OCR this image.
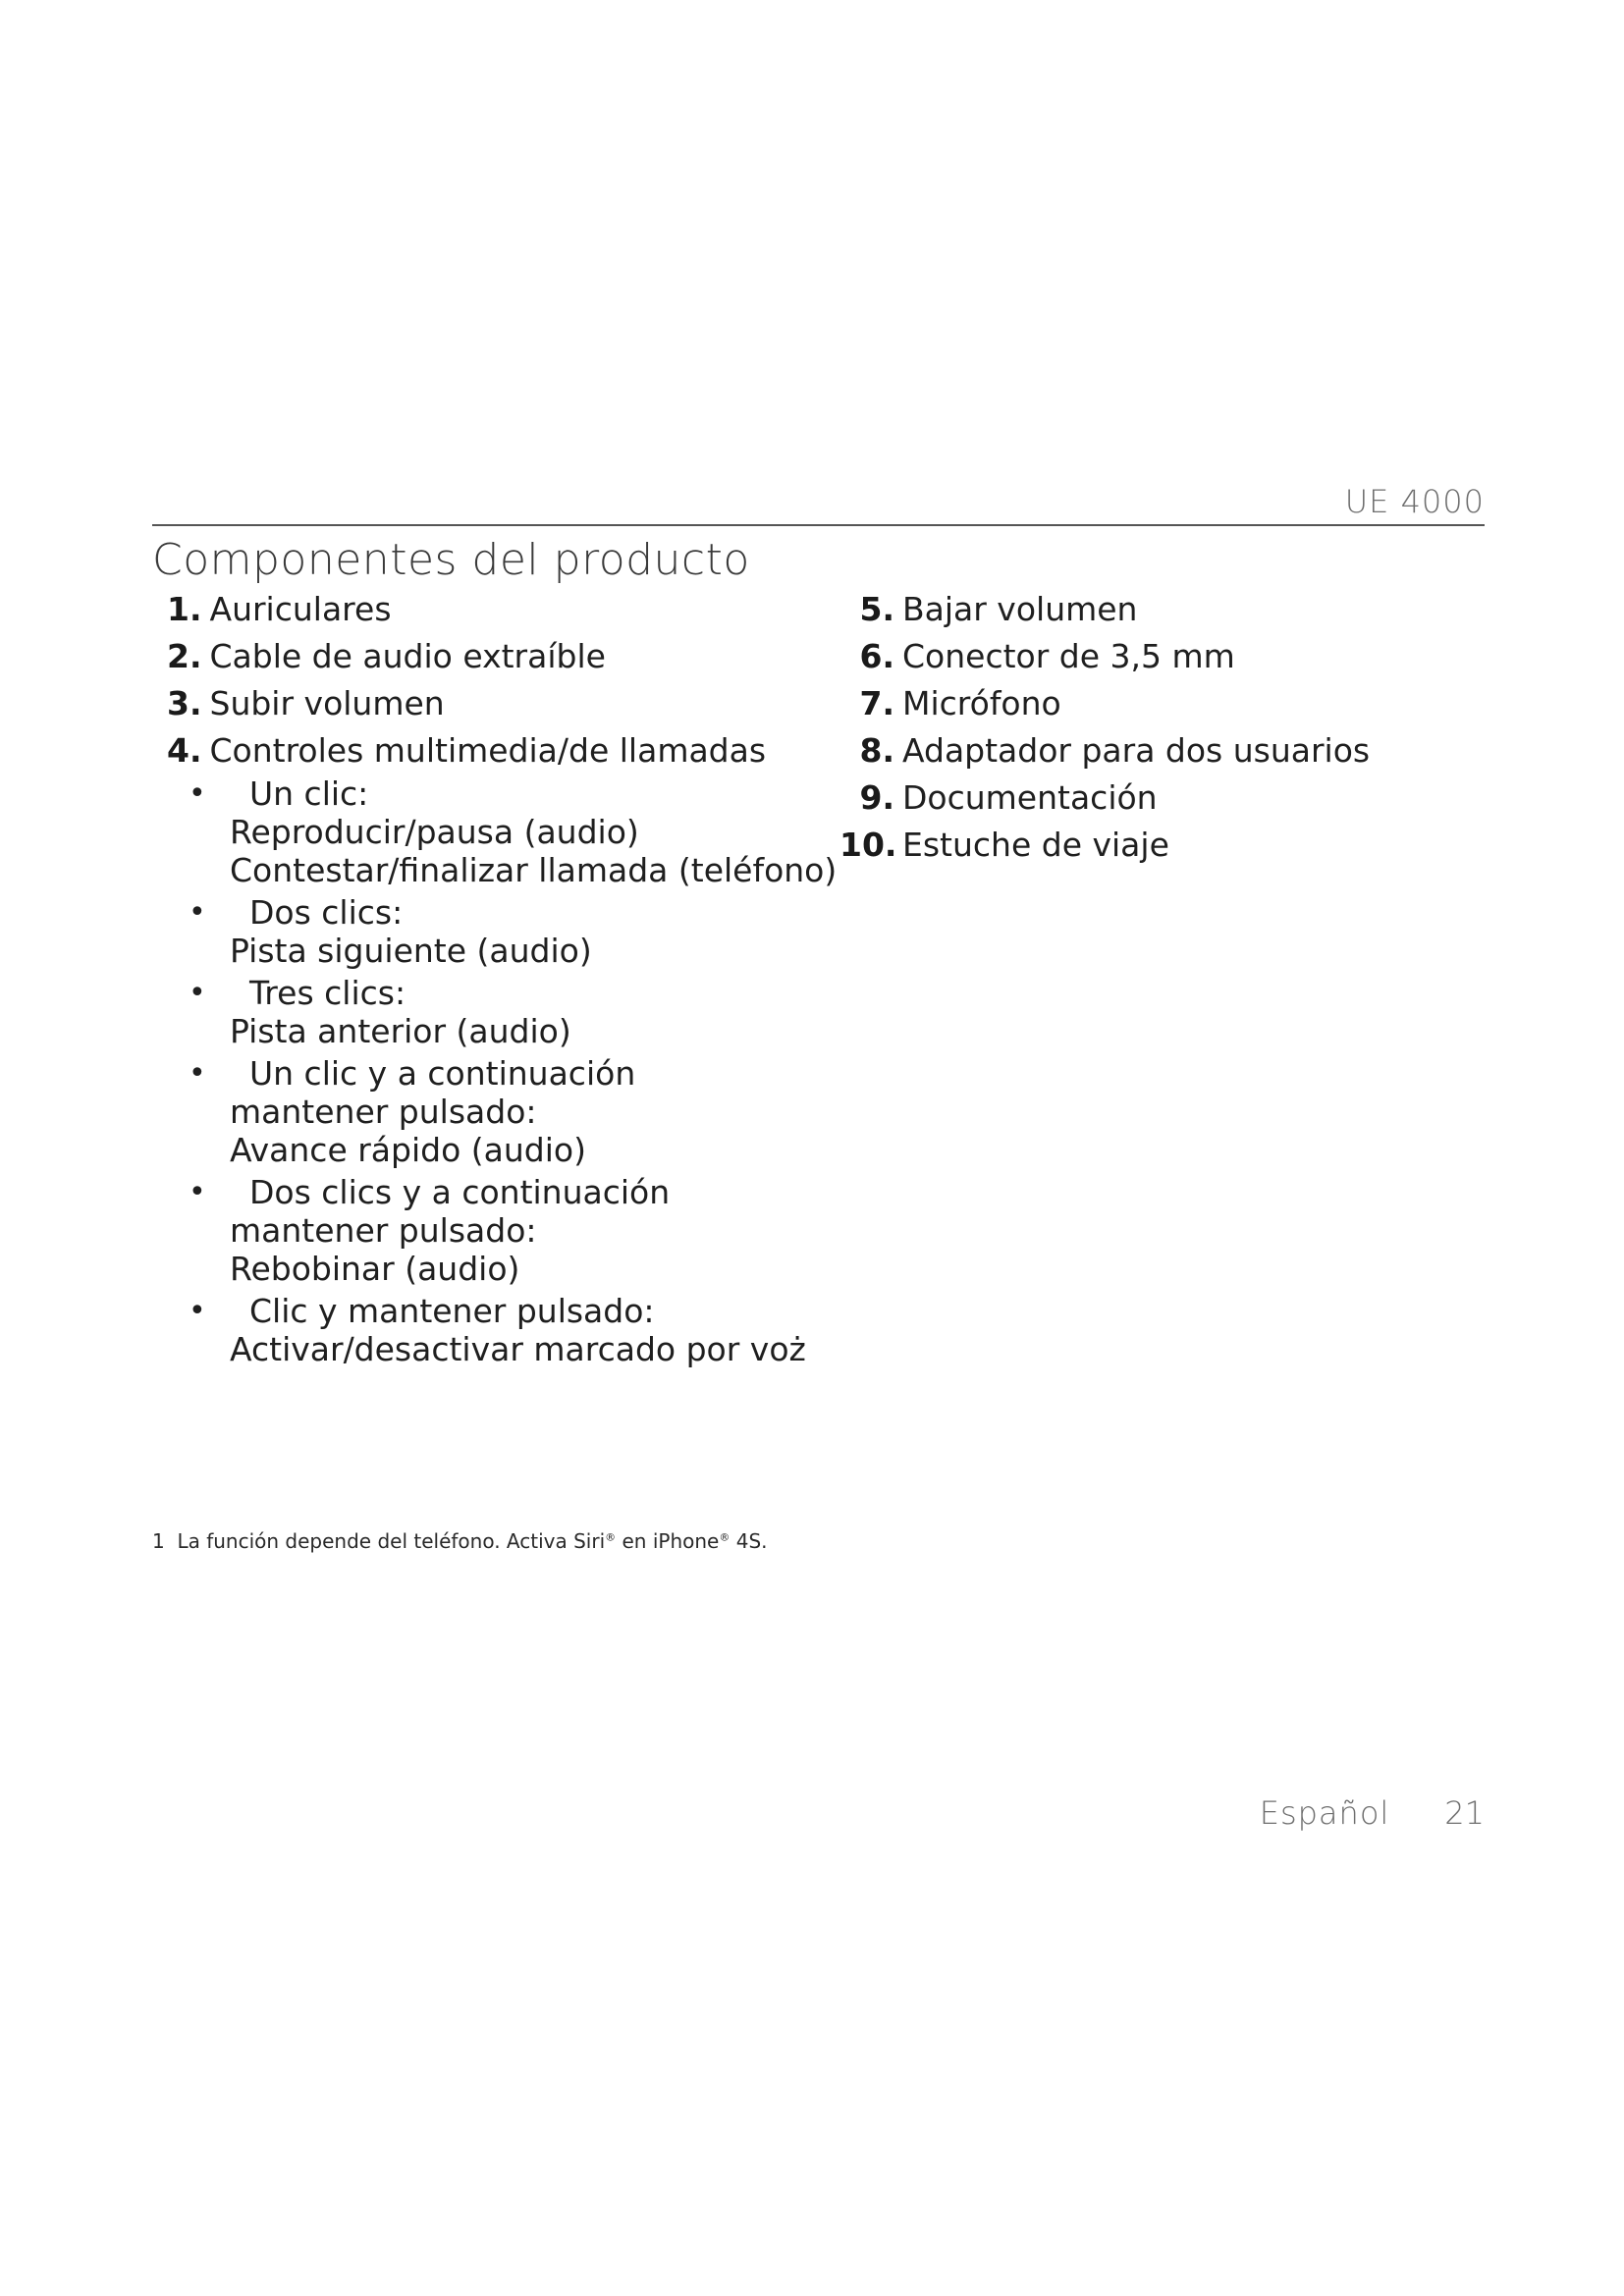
UE 4000
Componentes del producto
1. Auriculares
2. Cable de audio extraíble
3. Subir volumen
4. Controles multimedia/de llamadas
•	Un clic:
Reproducir/pausa (audio)
Contestar/finalizar llamada (teléfono)
•	Dos clics:
Pista siguiente (audio)
•	Tres clics:
Pista anterior (audio)
•	Un clic y a continuación
mantener pulsado:
Avance rápido (audio)
•	Dos clics y a continuación
mantener pulsado:
Rebobinar (audio)
•	Clic y mantener pulsado:
Activar/desactivar marcado por voż
5. Bajar volumen
6. Conector de 3,5 mm
7. Micrófono
8. Adaptador para dos usuarios
9. Documentación
10. Estuche de viaje
1 La función depende del teléfono. Activa Siri® en iPhone® 4S.
Español 21
